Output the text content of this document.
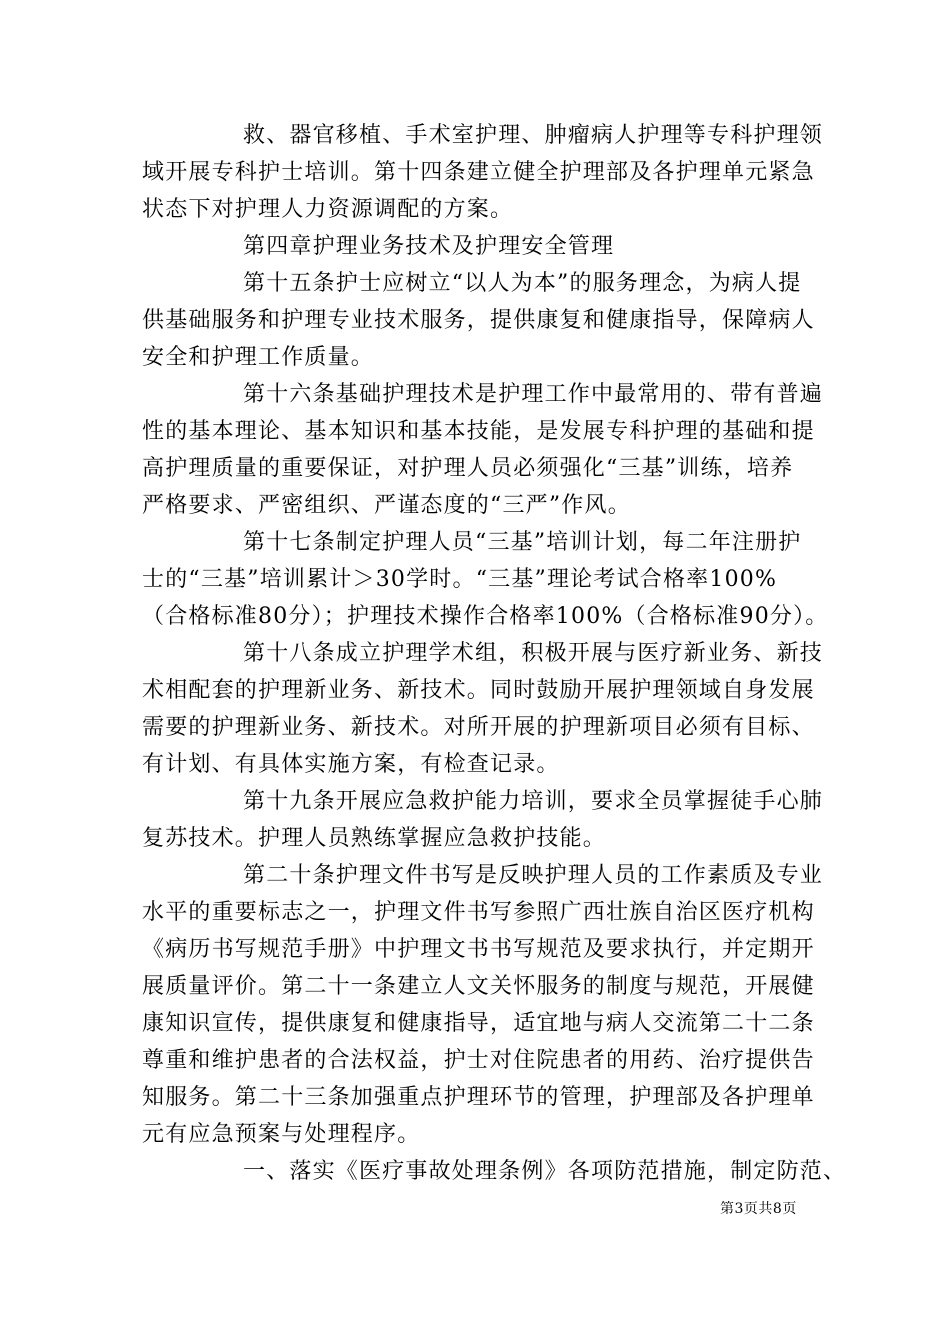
救、器官移植、手术室护理、肿瘤病人护理等专科护理领
域开展专科护士培训。第十四条建立健全护理部及各护理单元紧急
状态下对护理人力资源调配的方案。
第四章护理业务技术及护理安全管理
第十五条护士应树立“以人为本”的服务理念，为病人提
供基础服务和护理专业技术服务，提供康复和健康指导，保障病人
安全和护理工作质量。
第十六条基础护理技术是护理工作中最常用的、带有普遍
性的基本理论、基本知识和基本技能，是发展专科护理的基础和提
高护理质量的重要保证，对护理人员必须强化“三基”训练，培养
严格要求、严密组织、严谨态度的“三严”作风。
第十七条制定护理人员“三基”培训计划，每二年注册护
士的“三基”培训累计＞30学时。“三基”理论考试合格率100%
（合格标准80分）；护理技术操作合格率100%（合格标准90分）。
第十八条成立护理学术组，积极开展与医疗新业务、新技
术相配套的护理新业务、新技术。同时鼓励开展护理领域自身发展
需要的护理新业务、新技术。对所开展的护理新项目必须有目标、
有计划、有具体实施方案，有检查记录。
第十九条开展应急救护能力培训，要求全员掌握徒手心肺
复苏技术。护理人员熟练掌握应急救护技能。
第二十条护理文件书写是反映护理人员的工作素质及专业
水平的重要标志之一，护理文件书写参照广西壮族自治区医疗机构
《病历书写规范手册》中护理文书书写规范及要求执行，并定期开
展质量评价。第二十一条建立人文关怀服务的制度与规范，开展健
康知识宣传，提供康复和健康指导，适宜地与病人交流第二十二条
尊重和维护患者的合法权益，护士对住院患者的用药、治疗提供告
知服务。第二十三条加强重点护理环节的管理，护理部及各护理单
元有应急预案与处理程序。
一、落实《医疗事故处理条例》各项防范措施，制定防范、
第3页共8页
